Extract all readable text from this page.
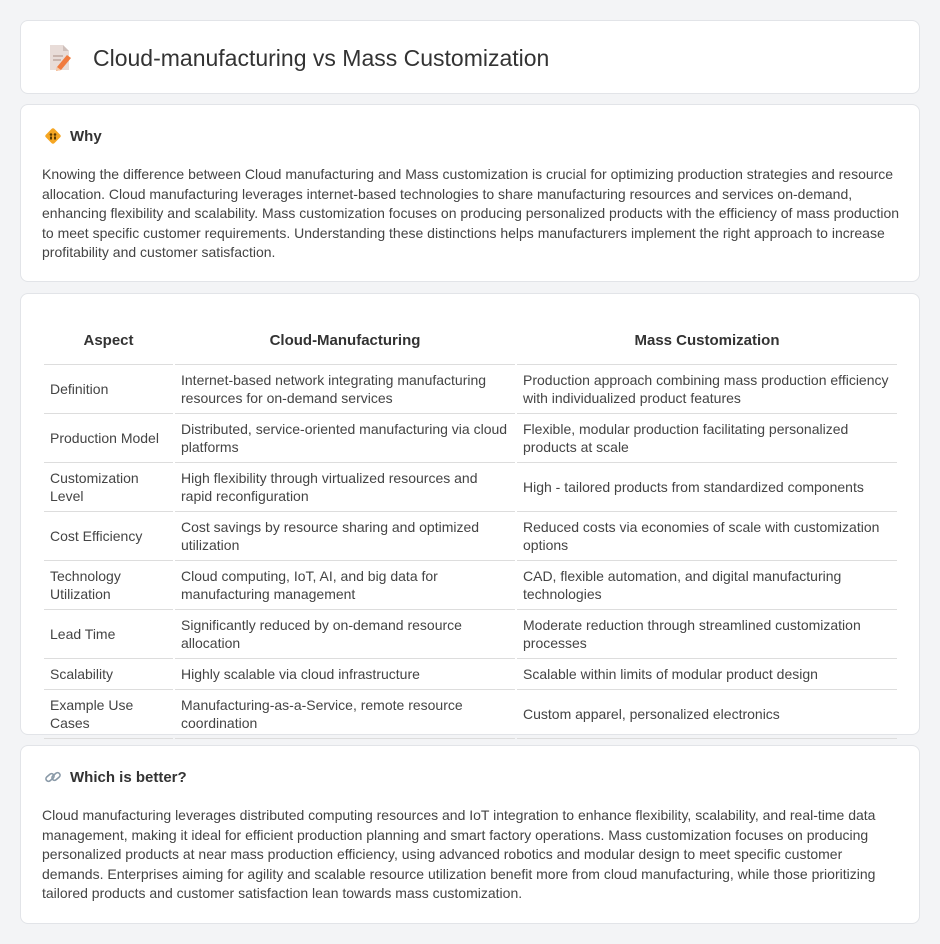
Cloud-manufacturing vs Mass Customization
Why

Knowing the difference between Cloud manufacturing and Mass customization is crucial for optimizing production strategies and resource allocation. Cloud manufacturing leverages internet-based technologies to share manufacturing resources and services on-demand, enhancing flexibility and scalability. Mass customization focuses on producing personalized products with the efficiency of mass production to meet specific customer requirements. Understanding these distinctions helps manufacturers implement the right approach to increase profitability and customer satisfaction.

Aspect	Cloud-Manufacturing	Mass Customization
Definition	Internet-based network integrating manufacturing resources for on-demand services	Production approach combining mass production efficiency with individualized product features
Production Model	Distributed, service-oriented manufacturing via cloud platforms	Flexible, modular production facilitating personalized products at scale
Customization Level	High flexibility through virtualized resources and rapid reconfiguration	High - tailored products from standardized components
Cost Efficiency	Cost savings by resource sharing and optimized utilization	Reduced costs via economies of scale with customization options
Technology Utilization	Cloud computing, IoT, AI, and big data for manufacturing management	CAD, flexible automation, and digital manufacturing technologies
Lead Time	Significantly reduced by on-demand resource allocation	Moderate reduction through streamlined customization processes
Scalability	Highly scalable via cloud infrastructure	Scalable within limits of modular product design
Example Use Cases	Manufacturing-as-a-Service, remote resource coordination	Custom apparel, personalized electronics
Which is better?

Cloud manufacturing leverages distributed computing resources and IoT integration to enhance flexibility, scalability, and real-time data management, making it ideal for efficient production planning and smart factory operations. Mass customization focuses on producing personalized products at near mass production efficiency, using advanced robotics and modular design to meet specific customer demands. Enterprises aiming for agility and scalable resource utilization benefit more from cloud manufacturing, while those prioritizing tailored products and customer satisfaction lean towards mass customization.
